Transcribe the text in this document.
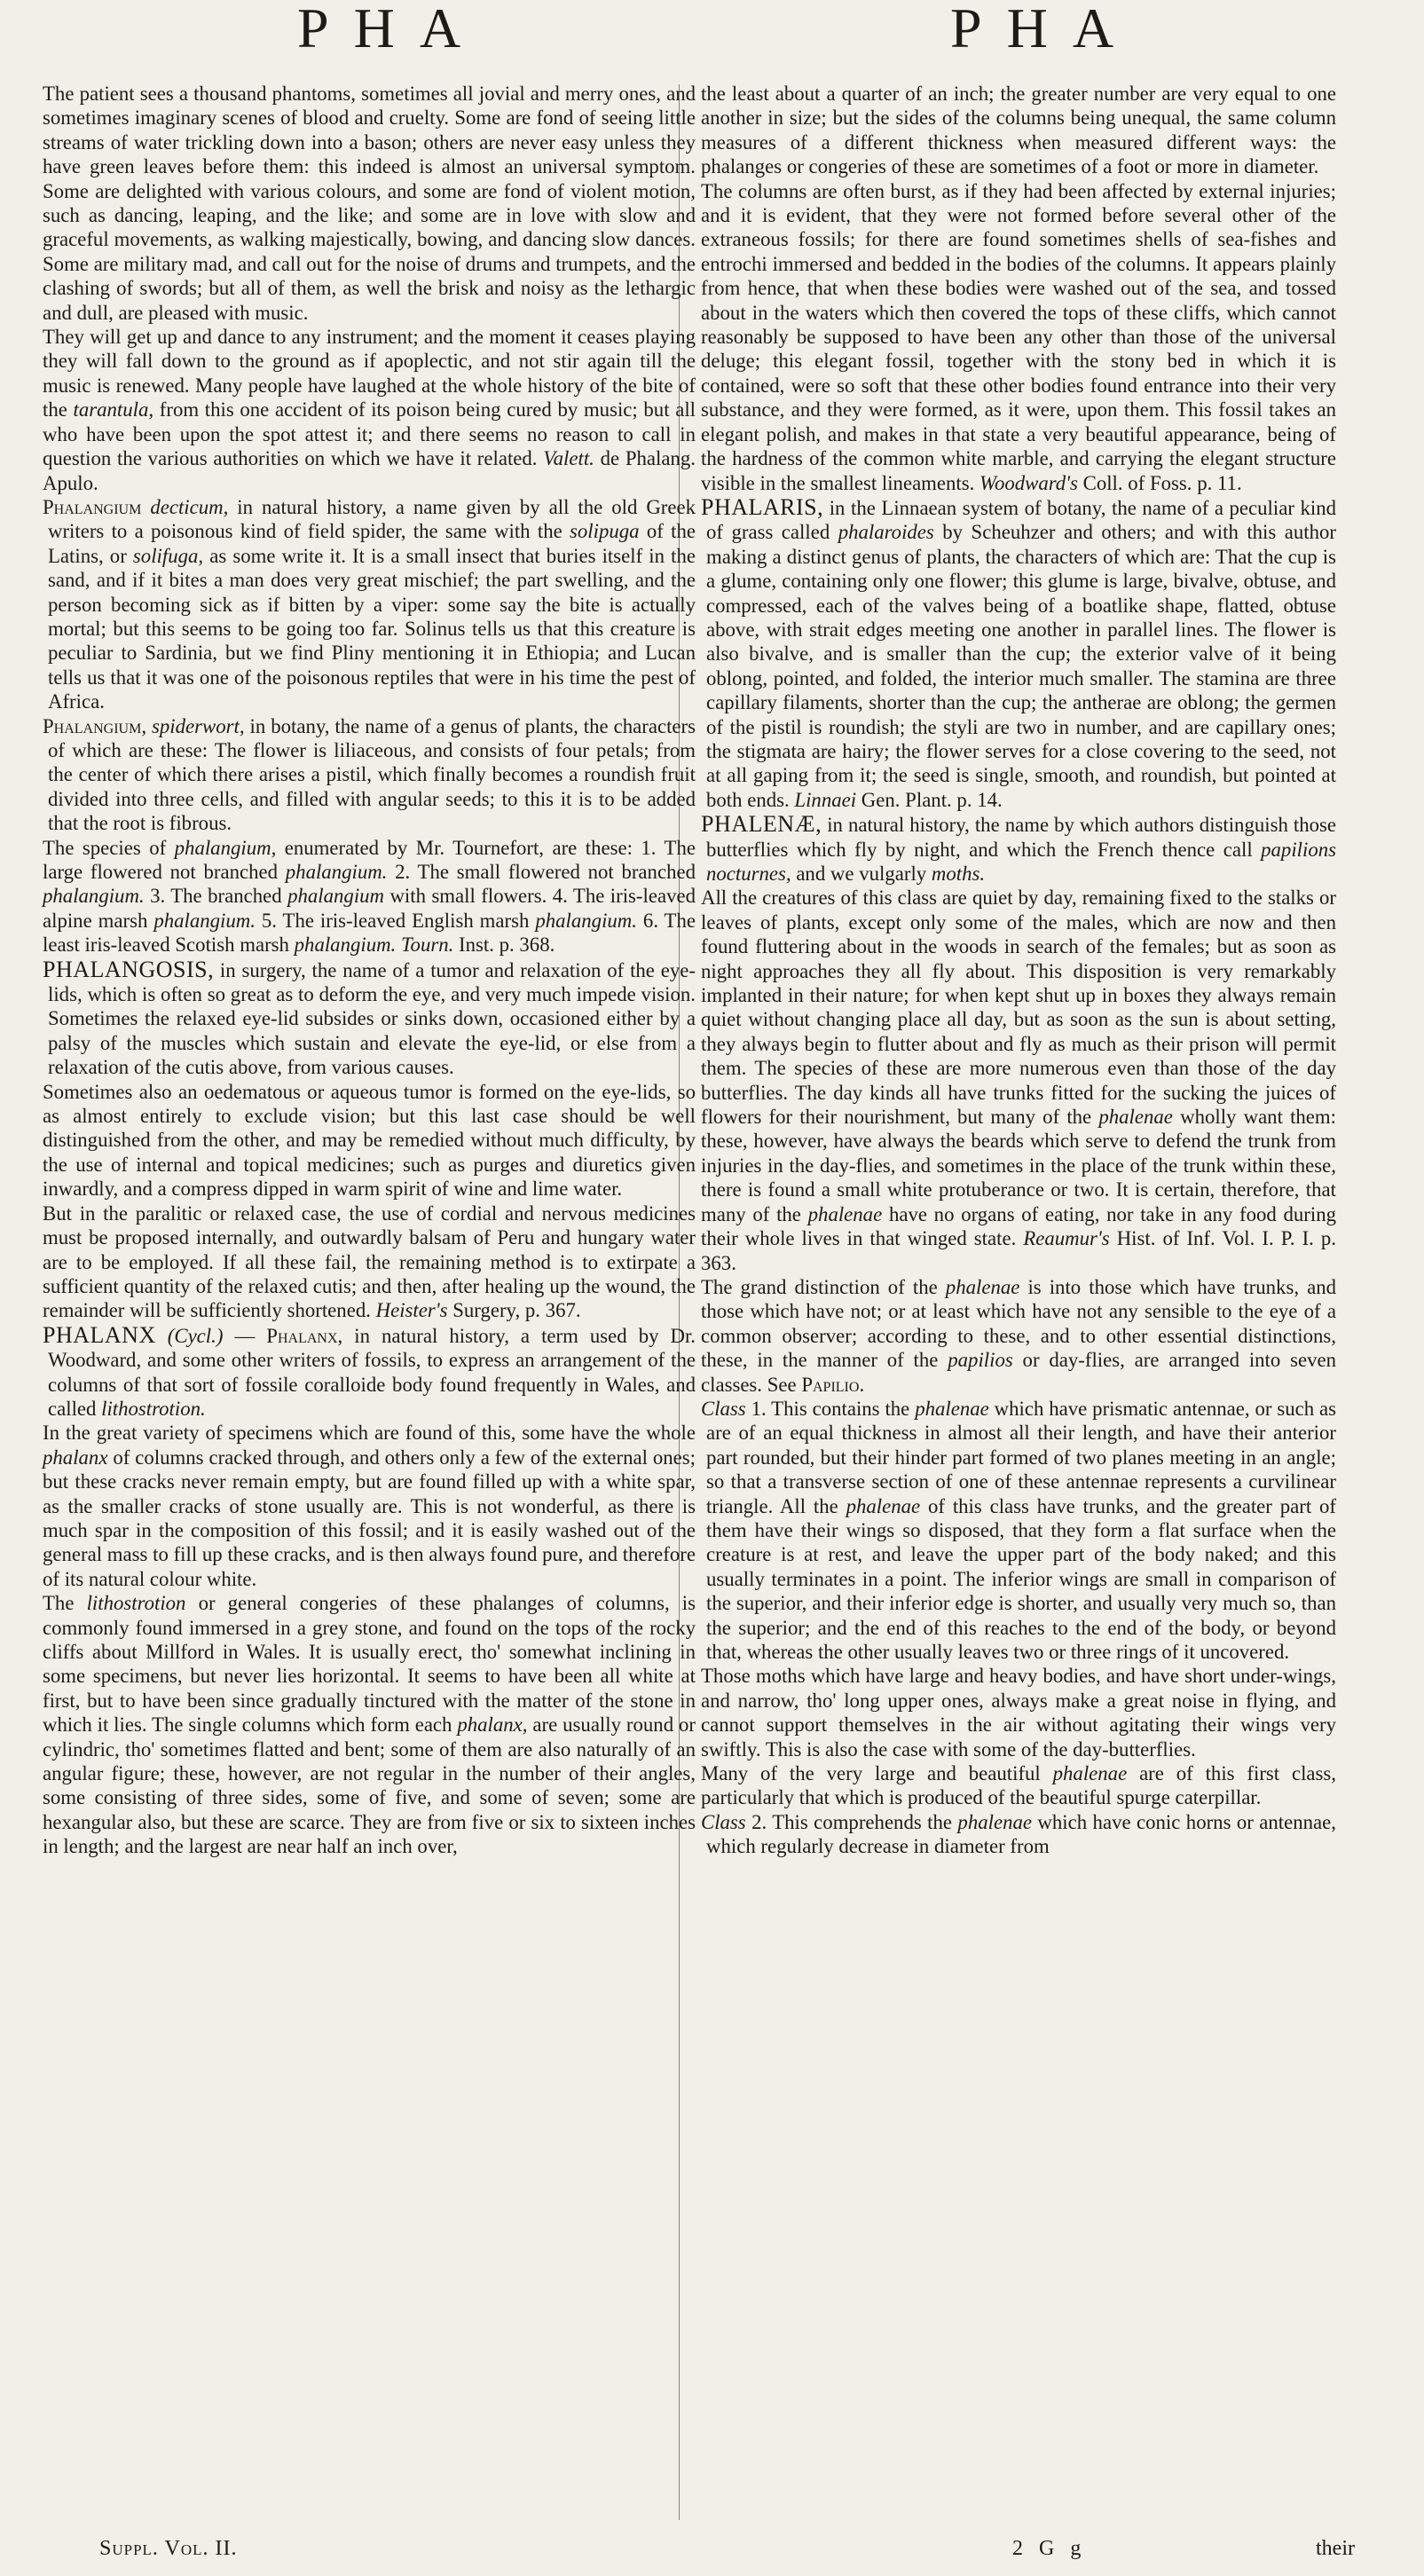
PHA	PHA

The patient sees a thousand phantoms, sometimes all jovial and merry ones, and sometimes imaginary scenes of blood and cruelty. Some are fond of seeing little streams of water trickling down into a bason; others are never easy unless they have green leaves before them: this indeed is almost an universal symptom. Some are delighted with various colours, and some are fond of violent motion, such as dancing, leaping, and the like; and some are in love with slow and graceful movements, as walking majestically, bowing, and dancing slow dances. Some are military mad, and call out for the noise of drums and trumpets, and the clashing of swords; but all of them, as well the brisk and noisy as the lethargic and dull, are pleased with music.

They will get up and dance to any instrument; and the moment it ceases playing they will fall down to the ground as if apoplectic, and not stir again till the music is renewed. Many people have laughed at the whole history of the bite of the tarantula, from this one accident of its poison being cured by music; but all who have been upon the spot attest it; and there seems no reason to call in question the various authorities on which we have it related. Valett. de Phalang. Apulo.

Phalangium decticum, in natural history, a name given by all the old Greek writers to a poisonous kind of field spider, the same with the solipuga of the Latins, or solifuga, as some write it. It is a small insect that buries itself in the sand, and if it bites a man does very great mischief; the part swelling, and the person becoming sick as if bitten by a viper: some say the bite is actually mortal; but this seems to be going too far. Solinus tells us that this creature is peculiar to Sardinia, but we find Pliny mentioning it in Ethiopia; and Lucan tells us that it was one of the poisonous reptiles that were in his time the pest of Africa.

Phalangium, spiderwort, in botany, the name of a genus of plants, the characters of which are these: The flower is liliaceous, and consists of four petals; from the center of which there arises a pistil, which finally becomes a roundish fruit divided into three cells, and filled with angular seeds; to this it is to be added that the root is fibrous.

The species of phalangium, enumerated by Mr. Tournefort, are these: 1. The large flowered not branched phalangium. 2. The small flowered not branched phalangium. 3. The branched phalangium with small flowers. 4. The iris-leaved alpine marsh phalangium. 5. The iris-leaved English marsh phalangium. 6. The least iris-leaved Scotish marsh phalangium. Tourn. Inst. p. 368.

PHALANGOSIS, in surgery, the name of a tumor and relaxation of the eye-lids, which is often so great as to deform the eye, and very much impede vision. Sometimes the relaxed eye-lid subsides or sinks down, occasioned either by a palsy of the muscles which sustain and elevate the eye-lid, or else from a relaxation of the cutis above, from various causes.

Sometimes also an oedematous or aqueous tumor is formed on the eye-lids, so as almost entirely to exclude vision; but this last case should be well distinguished from the other, and may be remedied without much difficulty, by the use of internal and topical medicines; such as purges and diuretics given inwardly, and a compress dipped in warm spirit of wine and lime water.

But in the paralitic or relaxed case, the use of cordial and nervous medicines must be proposed internally, and outwardly balsam of Peru and hungary water are to be employed. If all these fail, the remaining method is to extirpate a sufficient quantity of the relaxed cutis; and then, after healing up the wound, the remainder will be sufficiently shortened. Heister's Surgery, p. 367.

PHALANX (Cycl.) — Phalanx, in natural history, a term used by Dr. Woodward, and some other writers of fossils, to express an arrangement of the columns of that sort of fossile coralloide body found frequently in Wales, and called lithostrotion.

In the great variety of specimens which are found of this, some have the whole phalanx of columns cracked through, and others only a few of the external ones; but these cracks never remain empty, but are found filled up with a white spar, as the smaller cracks of stone usually are. This is not wonderful, as there is much spar in the composition of this fossil; and it is easily washed out of the general mass to fill up these cracks, and is then always found pure, and therefore of its natural colour white.

The lithostrotion or general congeries of these phalanges of columns, is commonly found immersed in a grey stone, and found on the tops of the rocky cliffs about Millford in Wales. It is usually erect, tho' somewhat inclining in some specimens, but never lies horizontal. It seems to have been all white at first, but to have been since gradually tinctured with the matter of the stone in which it lies. The single columns which form each phalanx, are usually round or cylindric, tho' sometimes flatted and bent; some of them are also naturally of an angular figure; these, however, are not regular in the number of their angles, some consisting of three sides, some of five, and some of seven; some are hexangular also, but these are scarce. They are from five or six to sixteen inches in length; and the largest are near half an inch over,

the least about a quarter of an inch; the greater number are very equal to one another in size; but the sides of the columns being unequal, the same column measures of a different thickness when measured different ways: the phalanges or congeries of these are sometimes of a foot or more in diameter.

The columns are often burst, as if they had been affected by external injuries; and it is evident, that they were not formed before several other of the extraneous fossils; for there are found sometimes shells of sea-fishes and entrochi immersed and bedded in the bodies of the columns. It appears plainly from hence, that when these bodies were washed out of the sea, and tossed about in the waters which then covered the tops of these cliffs, which cannot reasonably be supposed to have been any other than those of the universal deluge; this elegant fossil, together with the stony bed in which it is contained, were so soft that these other bodies found entrance into their very substance, and they were formed, as it were, upon them. This fossil takes an elegant polish, and makes in that state a very beautiful appearance, being of the hardness of the common white marble, and carrying the elegant structure visible in the smallest lineaments. Woodward's Coll. of Foss. p. 11.

PHALARIS, in the Linnaean system of botany, the name of a peculiar kind of grass called phalaroides by Scheuhzer and others; and with this author making a distinct genus of plants, the characters of which are: That the cup is a glume, containing only one flower; this glume is large, bivalve, obtuse, and compressed, each of the valves being of a boatlike shape, flatted, obtuse above, with strait edges meeting one another in parallel lines. The flower is also bivalve, and is smaller than the cup; the exterior valve of it being oblong, pointed, and folded, the interior much smaller. The stamina are three capillary filaments, shorter than the cup; the antherae are oblong; the germen of the pistil is roundish; the styli are two in number, and are capillary ones; the stigmata are hairy; the flower serves for a close covering to the seed, not at all gaping from it; the seed is single, smooth, and roundish, but pointed at both ends. Linnaei Gen. Plant. p. 14.

PHALENÆ, in natural history, the name by which authors distinguish those butterflies which fly by night, and which the French thence call papilions nocturnes, and we vulgarly moths.

All the creatures of this class are quiet by day, remaining fixed to the stalks or leaves of plants, except only some of the males, which are now and then found fluttering about in the woods in search of the females; but as soon as night approaches they all fly about. This disposition is very remarkably implanted in their nature; for when kept shut up in boxes they always remain quiet without changing place all day, but as soon as the sun is about setting, they always begin to flutter about and fly as much as their prison will permit them. The species of these are more numerous even than those of the day butterflies. The day kinds all have trunks fitted for the sucking the juices of flowers for their nourishment, but many of the phalenae wholly want them: these, however, have always the beards which serve to defend the trunk from injuries in the day-flies, and sometimes in the place of the trunk within these, there is found a small white protuberance or two. It is certain, therefore, that many of the phalenae have no organs of eating, nor take in any food during their whole lives in that winged state. Reaumur's Hist. of Inf. Vol. I. P. I. p. 363.

The grand distinction of the phalenae is into those which have trunks, and those which have not; or at least which have not any sensible to the eye of a common observer; according to these, and to other essential distinctions, these, in the manner of the papilios or day-flies, are arranged into seven classes. See Papilio.

Class 1. This contains the phalenae which have prismatic antennae, or such as are of an equal thickness in almost all their length, and have their anterior part rounded, but their hinder part formed of two planes meeting in an angle; so that a transverse section of one of these antennae represents a curvilinear triangle. All the phalenae of this class have trunks, and the greater part of them have their wings so disposed, that they form a flat surface when the creature is at rest, and leave the upper part of the body naked; and this usually terminates in a point. The inferior wings are small in comparison of the superior, and their inferior edge is shorter, and usually very much so, than the superior; and the end of this reaches to the end of the body, or beyond that, whereas the other usually leaves two or three rings of it uncovered.

Those moths which have large and heavy bodies, and have short under-wings, and narrow, tho' long upper ones, always make a great noise in flying, and cannot support themselves in the air without agitating their wings very swiftly. This is also the case with some of the day-butterflies.

Many of the very large and beautiful phalenae are of this first class, particularly that which is produced of the beautiful spurge caterpillar.

Class 2. This comprehends the phalenae which have conic horns or antennae, which regularly decrease in diameter from

Suppl. Vol. II.	2 G g	their
